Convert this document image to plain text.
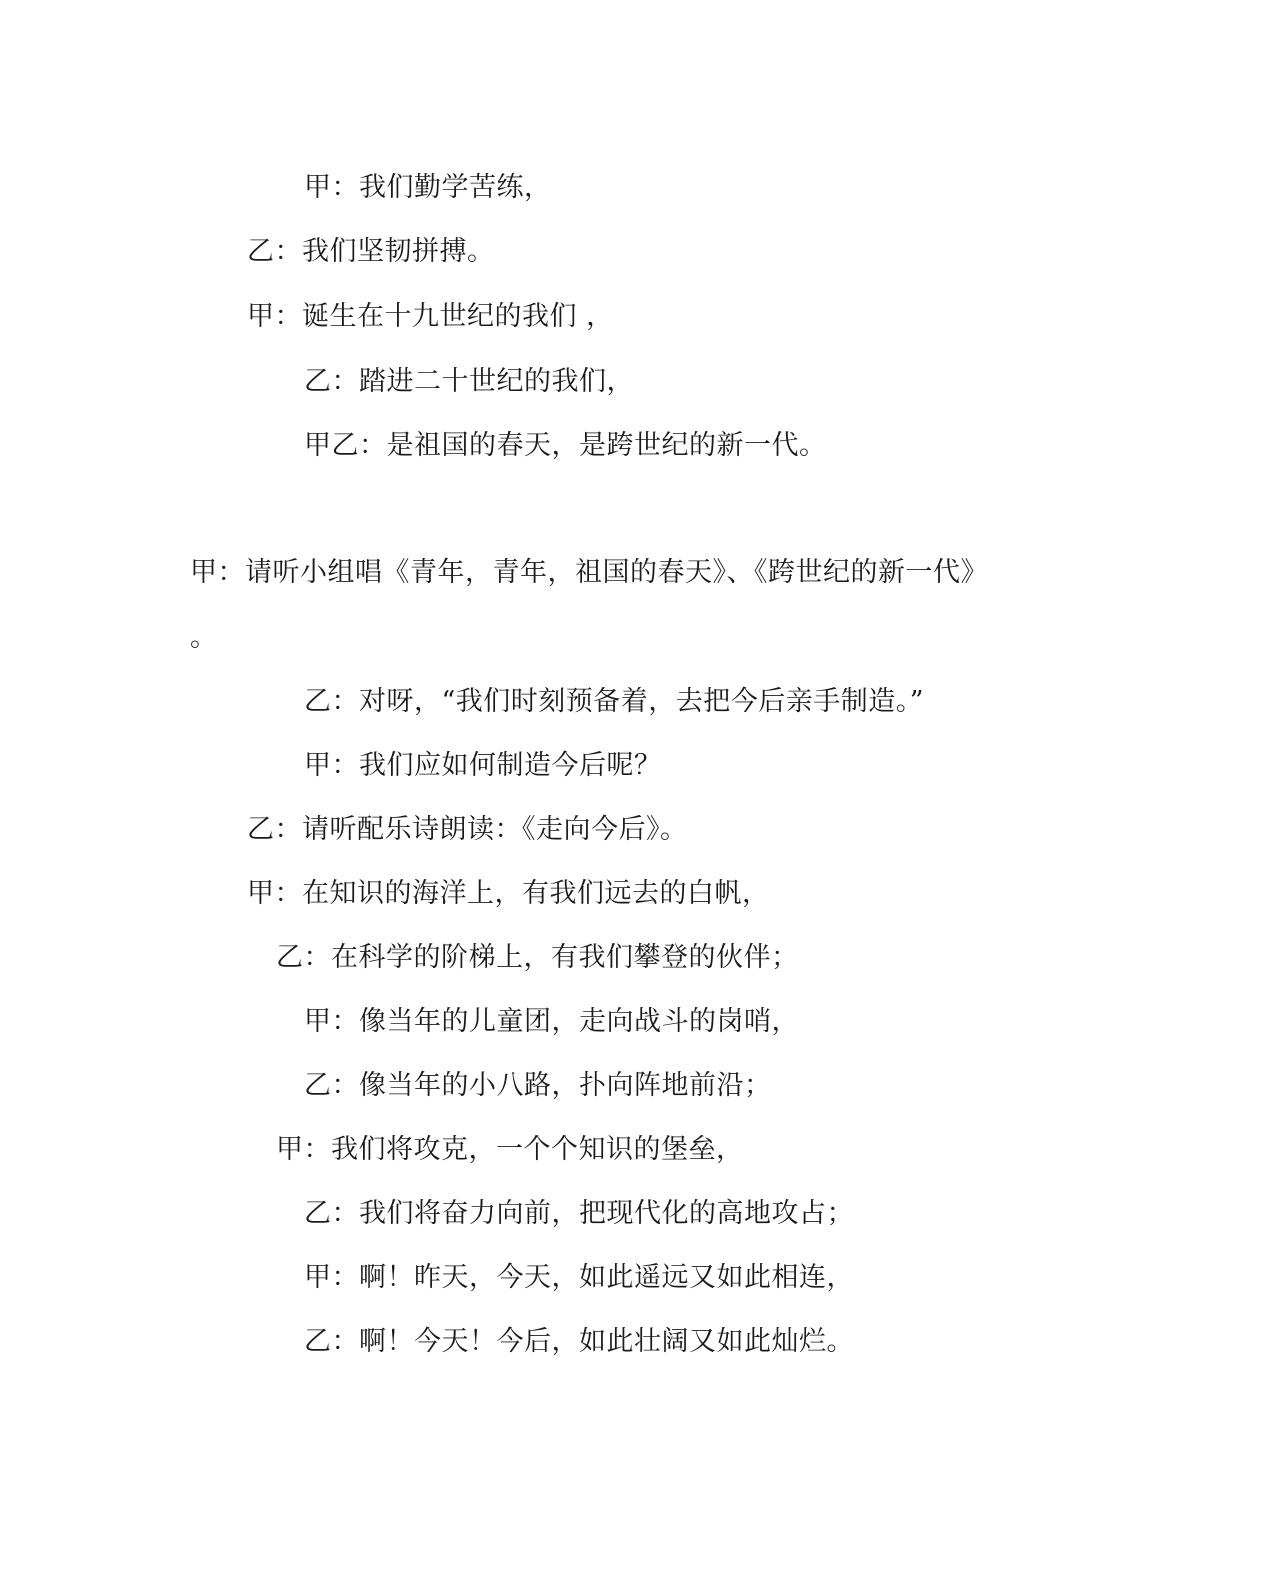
甲：我们勤学苦练，
乙：我们坚韧拼搏。
甲：诞生在十九世纪的我们 ，
乙：踏进二十世纪的我们，
甲乙：是祖国的春天，是跨世纪的新一代。
甲：请听小组唱《青年，青年，祖国的春天》、《跨世纪的新一代》
。
乙：对呀，“我们时刻预备着，去把今后亲手制造。”
甲：我们应如何制造今后呢？
乙：请听配乐诗朗读：《走向今后》。
甲：在知识的海洋上，有我们远去的白帆，
乙：在科学的阶梯上，有我们攀登的伙伴；
甲：像当年的儿童团，走向战斗的岗哨，
乙：像当年的小八路，扑向阵地前沿；
甲：我们将攻克，一个个知识的堡垒，
乙：我们将奋力向前，把现代化的高地攻占；
甲：啊！昨天，今天，如此遥远又如此相连，
乙：啊！今天！今后，如此壮阔又如此灿烂。
